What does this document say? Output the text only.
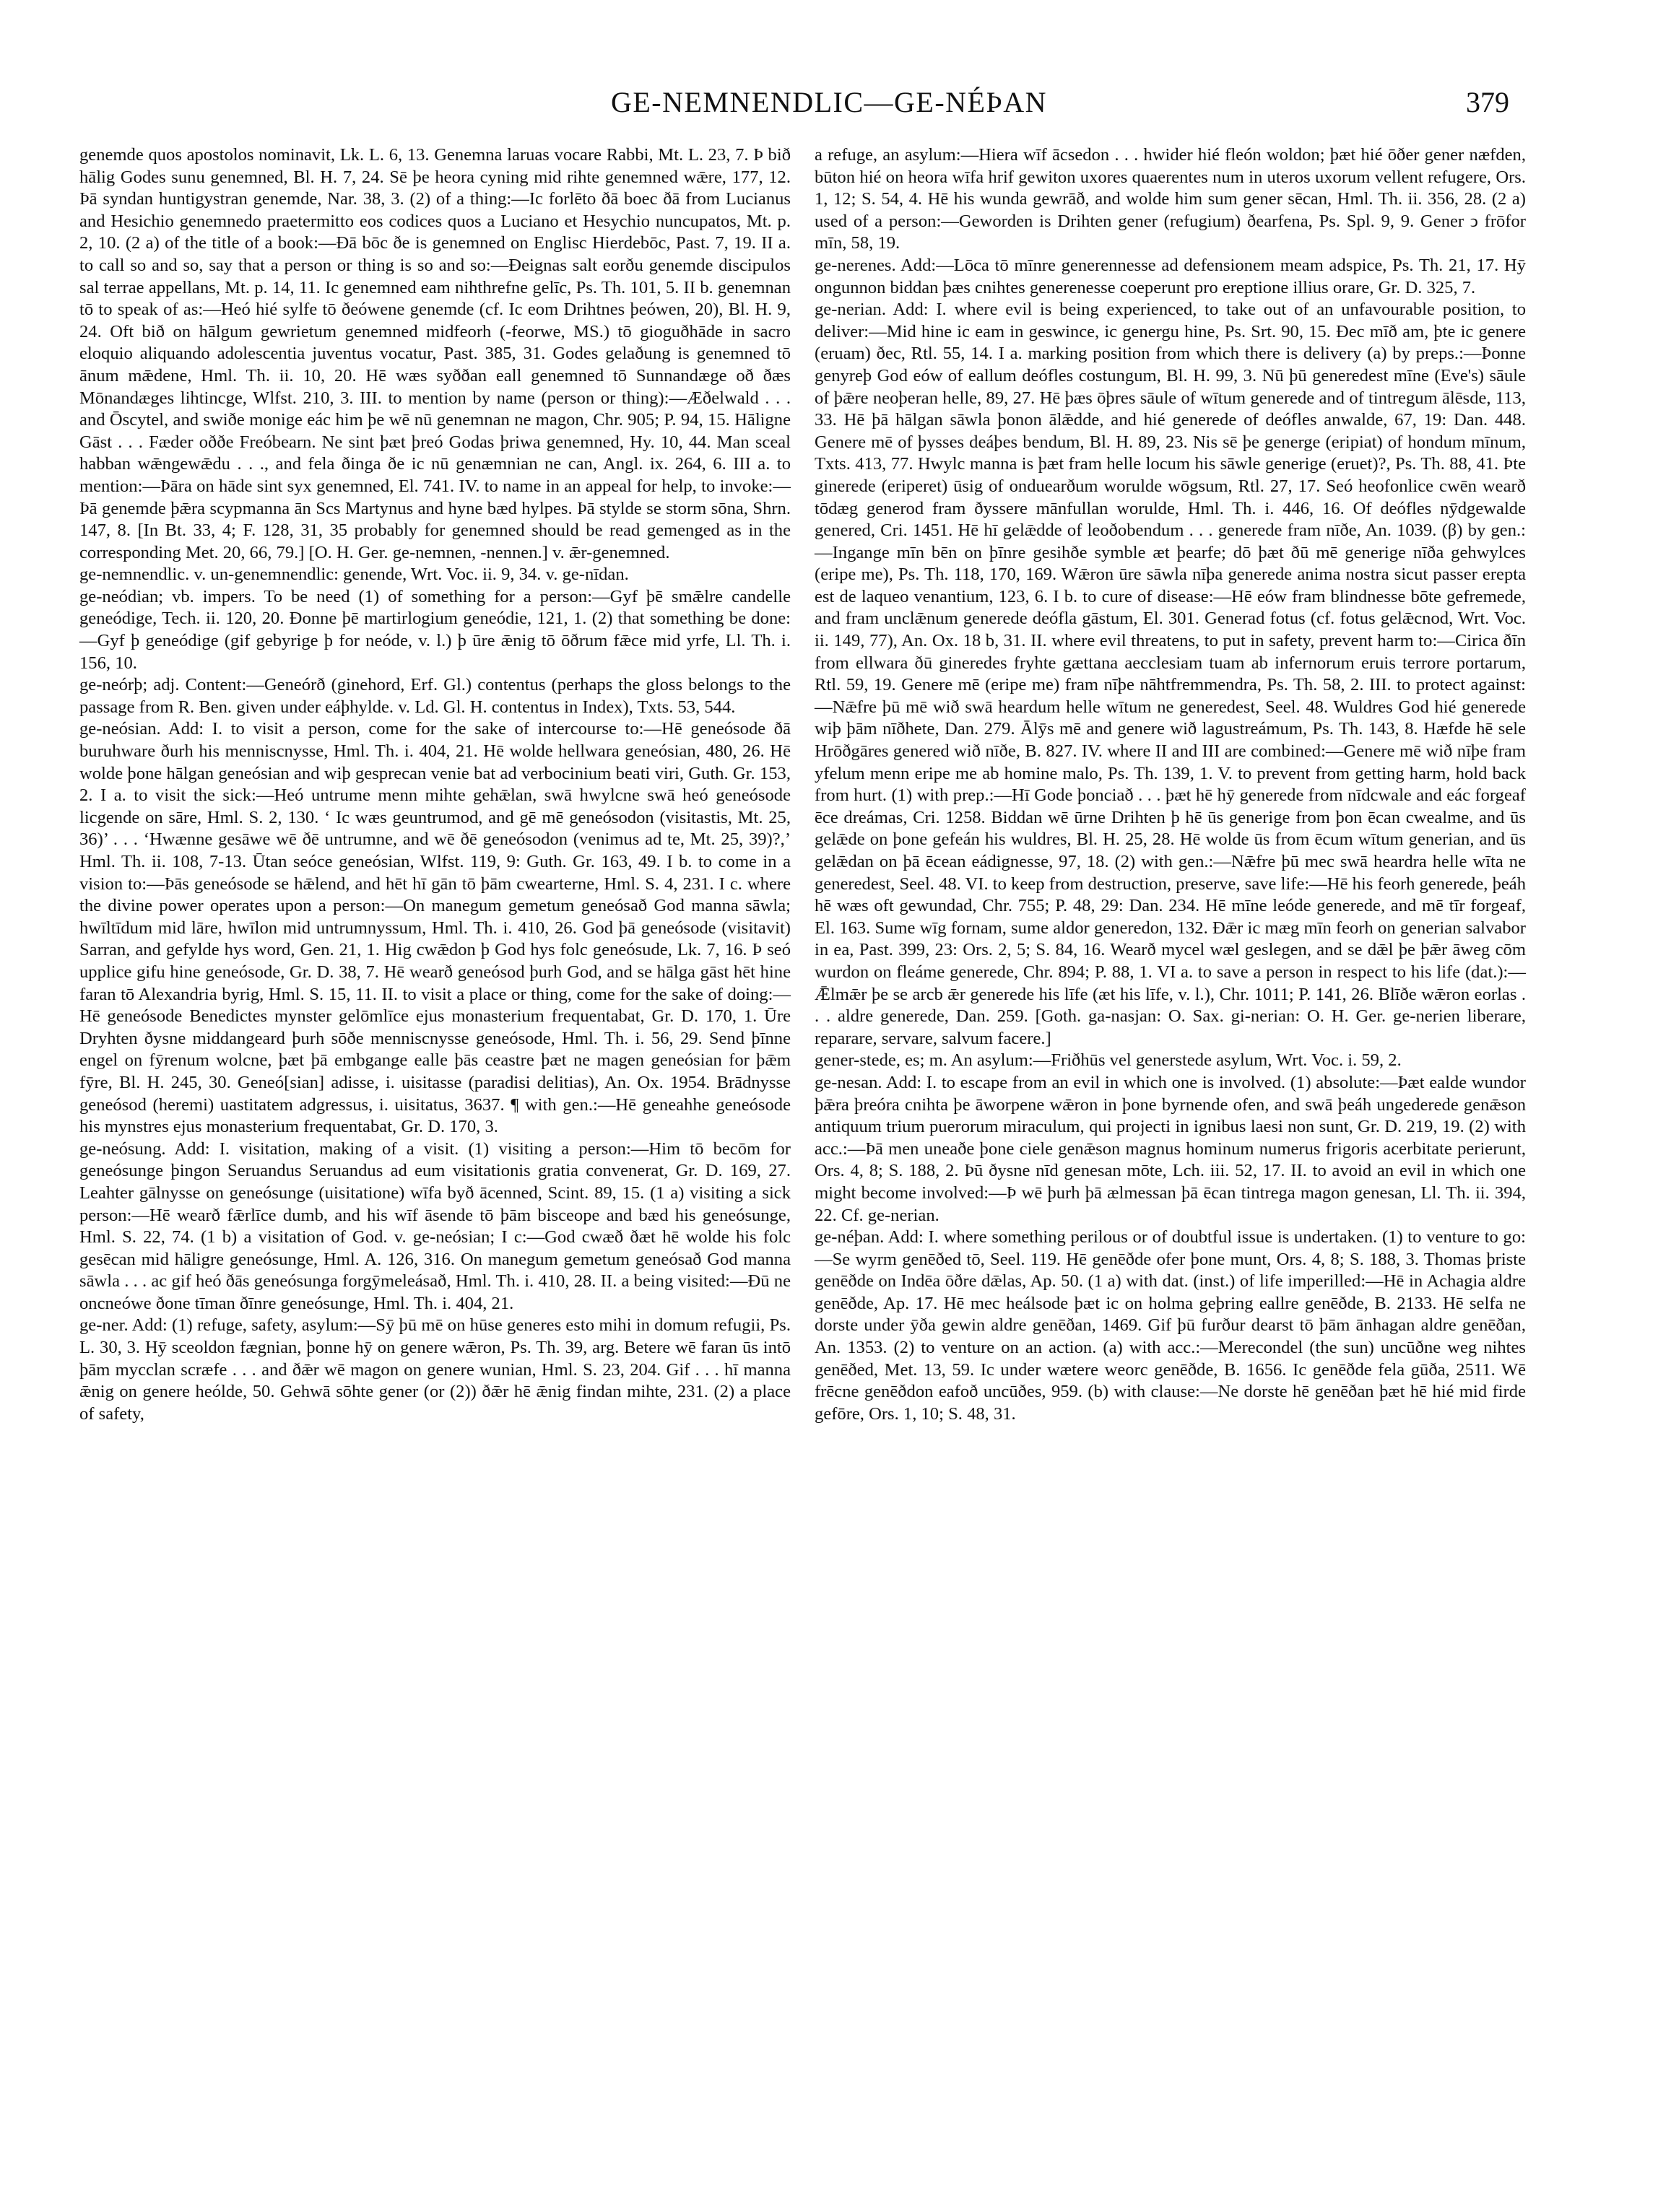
GE-NEMNENDLIC—GE-NÉÞAN	379

genemde quos apostolos nominavit, Lk. L. 6, 13. Genemna laruas vocare Rabbi, Mt. L. 23, 7. Þ bið hālig Godes sunu genemned, Bl. H. 7, 24. Sē þe heora cyning mid rihte genemned wǣre, 177, 12. Þā syndan huntigystran genemde, Nar. 38, 3. (2) of a thing:—Ic forlēto ðā boec ðā from Lucianus and Hesichio genemnedo praetermitto eos codices quos a Luciano et Hesychio nuncupatos, Mt. p. 2, 10. (2 a) of the title of a book:—Ðā bōc ðe is genemned on Englisc Hierdebōc, Past. 7, 19. II a. to call so and so, say that a person or thing is so and so:—Ðeignas salt eorðu genemde discipulos sal terrae appellans, Mt. p. 14, 11. Ic genemned eam nihthrefne gelīc, Ps. Th. 101, 5. II b. genemnan tō to speak of as:—Heó hié sylfe tō ðeówene genemde (cf. Ic eom Drihtnes þeówen, 20), Bl. H. 9, 24. Oft bið on hālgum gewrietum genemned midfeorh (-feorwe, MS.) tō gioguðhāde in sacro eloquio aliquando adolescentia juventus vocatur, Past. 385, 31. Godes gelaðung is genemned tō ānum mǣdene, Hml. Th. ii. 10, 20. Hē wæs syððan eall genemned tō Sunnandæge oð ðæs Mōnandæges lihtincge, Wlfst. 210, 3. III. to mention by name (person or thing):—Æðelwald . . . and Ōscytel, and swiðe monige eác him þe wē nū genemnan ne magon, Chr. 905; P. 94, 15. Hāligne Gāst . . . Fæder oððe Freóbearn. Ne sint þæt þreó Godas þriwa genemned, Hy. 10, 44. Man sceal habban wǣngewǣdu . . ., and fela ðinga ðe ic nū genæmnian ne can, Angl. ix. 264, 6. III a. to mention:—Þāra on hāde sint syx genemned, El. 741. IV. to name in an appeal for help, to invoke:—Þā genemde þǣra scypmanna ān Scs Martynus and hyne bæd hylpes. Þā stylde se storm sōna, Shrn. 147, 8. [In Bt. 33, 4; F. 128, 31, 35 probably for genemned should be read gemenged as in the corresponding Met. 20, 66, 79.] [O. H. Ger. ge-nemnen, -nennen.] v. ǣr-genemned.

ge-nemnendlic. v. un-genemnendlic: genende, Wrt. Voc. ii. 9, 34. v. ge-nīdan.

ge-neódian; vb. impers. To be need (1) of something for a person:—Gyf þē smǣlre candelle geneódige, Tech. ii. 120, 20. Ðonne þē martirlogium geneódie, 121, 1. (2) that something be done:—Gyf þ geneódige (gif gebyrige þ for neóde, v. l.) þ ūre ǣnig tō ōðrum fǣce mid yrfe, Ll. Th. i. 156, 10.

ge-neórþ; adj. Content:—Geneórð (ginehord, Erf. Gl.) contentus (perhaps the gloss belongs to the passage from R. Ben. given under eáþhylde. v. Ld. Gl. H. contentus in Index), Txts. 53, 544.

ge-neósian. Add: I. to visit a person, come for the sake of intercourse to:—Hē geneósode ðā buruhware ðurh his menniscnysse, Hml. Th. i. 404, 21. Hē wolde hellwara geneósian, 480, 26. Hē wolde þone hālgan geneósian and wiþ gesprecan venie bat ad verbocinium beati viri, Guth. Gr. 153, 2. I a. to visit the sick:—Heó untrume menn mihte gehǣlan, swā hwylcne swā heó geneósode licgende on sāre, Hml. S. 2, 130. ‘ Ic wæs geuntrumod, and gē mē geneósodon (visitastis, Mt. 25, 36)’ . . . ‘Hwænne gesāwe wē ðē untrumne, and wē ðē geneósodon (venimus ad te, Mt. 25, 39)?,’ Hml. Th. ii. 108, 7-13. Ūtan seóce geneósian, Wlfst. 119, 9: Guth. Gr. 163, 49. I b. to come in a vision to:—Þās geneósode se hǣlend, and hēt hī gān tō þām cwearterne, Hml. S. 4, 231. I c. where the divine power operates upon a person:—On manegum gemetum geneósað God manna sāwla; hwīltīdum mid lāre, hwīlon mid untrumnyssum, Hml. Th. i. 410, 26. God þā geneósode (visitavit) Sarran, and gefylde hys word, Gen. 21, 1. Hig cwǣdon þ God hys folc geneósude, Lk. 7, 16. Þ seó upplice gifu hine geneósode, Gr. D. 38, 7. Hē wearð geneósod þurh God, and se hālga gāst hēt hine faran tō Alexandria byrig, Hml. S. 15, 11. II. to visit a place or thing, come for the sake of doing:—Hē geneósode Benedictes mynster gelōmlīce ejus monasterium frequentabat, Gr. D. 170, 1. Ūre Dryhten ðysne middangeard þurh sōðe menniscnysse geneósode, Hml. Th. i. 56, 29. Send þīnne engel on fȳrenum wolcne, þæt þā embgange ealle þās ceastre þæt ne magen geneósian for þǣm fȳre, Bl. H. 245, 30. Geneó[sian] adisse, i. uisitasse (paradisi delitias), An. Ox. 1954. Brādnysse geneósod (heremi) uastitatem adgressus, i. uisitatus, 3637. ¶ with gen.:—Hē geneahhe geneósode his mynstres ejus monasterium frequentabat, Gr. D. 170, 3.

ge-neósung. Add: I. visitation, making of a visit. (1) visiting a person:—Him tō becōm for geneósunge þingon Seruandus Seruandus ad eum visitationis gratia convenerat, Gr. D. 169, 27. Leahter gālnysse on geneósunge (uisitatione) wīfa byð ācenned, Scint. 89, 15. (1 a) visiting a sick person:—Hē wearð fǣrlīce dumb, and his wīf āsende tō þām bisceope and bæd his geneósunge, Hml. S. 22, 74. (1 b) a visitation of God. v. ge-neósian; I c:—God cwæð ðæt hē wolde his folc gesēcan mid hāligre geneósunge, Hml. A. 126, 316. On manegum gemetum geneósað God manna sāwla . . . ac gif heó ðās geneósunga forgȳmeleásað, Hml. Th. i. 410, 28. II. a being visited:—Ðū ne oncneówe ðone tīman ðīnre geneósunge, Hml. Th. i. 404, 21.

ge-ner. Add: (1) refuge, safety, asylum:—Sȳ þū mē on hūse generes esto mihi in domum refugii, Ps. L. 30, 3. Hȳ sceoldon fægnian, þonne hȳ on genere wǣron, Ps. Th. 39, arg. Betere wē faran ūs intō þām mycclan scræfe . . . and ðǣr wē magon on genere wunian, Hml. S. 23, 204. Gif . . . hī manna ǣnig on genere heólde, 50. Gehwā sōhte gener (or (2)) ðǣr hē ǣnig findan mihte, 231. (2) a place of safety,

a refuge, an asylum:—Hiera wīf ācsedon . . . hwider hié fleón woldon; þæt hié ōðer gener næfden, būton hié on heora wīfa hrif gewiton uxores quaerentes num in uteros uxorum vellent refugere, Ors. 1, 12; S. 54, 4. Hē his wunda gewrāð, and wolde him sum gener sēcan, Hml. Th. ii. 356, 28. (2 a) used of a person:—Geworden is Drihten gener (refugium) ðearfena, Ps. Spl. 9, 9. Gener ↄ frōfor mīn, 58, 19.

ge-nerenes. Add:—Lōca tō mīnre generennesse ad defensionem meam adspice, Ps. Th. 21, 17. Hȳ ongunnon biddan þæs cnihtes generenesse coeperunt pro ereptione illius orare, Gr. D. 325, 7.

ge-nerian. Add: I. where evil is being experienced, to take out of an unfavourable position, to deliver:—Mid hine ic eam in geswince, ic genergu hine, Ps. Srt. 90, 15. Ðec mīð am, þte ic genere (eruam) ðec, Rtl. 55, 14. I a. marking position from which there is delivery (a) by preps.:—Þonne genyreþ God eów of eallum deófles costungum, Bl. H. 99, 3. Nū þū generedest mīne (Eve's) sāule of þǣre neoþeran helle, 89, 27. Hē þæs ōþres sāule of wītum generede and of tintregum ālēsde, 113, 33. Hē þā hālgan sāwla þonon ālǣdde, and hié generede of deófles anwalde, 67, 19: Dan. 448. Genere mē of þysses deáþes bendum, Bl. H. 89, 23. Nis sē þe generge (eripiat) of hondum mīnum, Txts. 413, 77. Hwylc manna is þæt fram helle locum his sāwle generige (eruet)?, Ps. Th. 88, 41. Þte ginerede (eriperet) ūsig of onduearðum worulde wōgsum, Rtl. 27, 17. Seó heofonlice cwēn wearð tōdæg generod fram ðyssere mānfullan worulde, Hml. Th. i. 446, 16. Of deófles nȳdgewalde genered, Cri. 1451. Hē hī gelǣdde of leoðobendum . . . generede fram nīðe, An. 1039. (β) by gen.:—Ingange mīn bēn on þīnre gesihðe symble æt þearfe; dō þæt ðū mē generige nīða gehwylces (eripe me), Ps. Th. 118, 170, 169. Wǣron ūre sāwla nīþa generede anima nostra sicut passer erepta est de laqueo venantium, 123, 6. I b. to cure of disease:—Hē eów fram blindnesse bōte gefremede, and fram unclǣnum generede deófla gāstum, El. 301. Generad fotus (cf. fotus gelǣcnod, Wrt. Voc. ii. 149, 77), An. Ox. 18 b, 31. II. where evil threatens, to put in safety, prevent harm to:—Cirica ðīn from ellwara ðū gineredes fryhte gættana aecclesiam tuam ab infernorum eruis terrore portarum, Rtl. 59, 19. Genere mē (eripe me) fram nīþe nāhtfremmendra, Ps. Th. 58, 2. III. to protect against:—Nǣfre þū mē wið swā heardum helle wītum ne generedest, Seel. 48. Wuldres God hié generede wiþ þām nīðhete, Dan. 279. Ālȳs mē and genere wið lagustreámum, Ps. Th. 143, 8. Hæfde hē sele Hrōðgāres genered wið nīðe, B. 827. IV. where II and III are combined:—Genere mē wið nīþe fram yfelum menn eripe me ab homine malo, Ps. Th. 139, 1. V. to prevent from getting harm, hold back from hurt. (1) with prep.:—Hī Gode þonciað . . . þæt hē hȳ generede from nīdcwale and eác forgeaf ēce dreámas, Cri. 1258. Biddan wē ūrne Drihten þ hē ūs generige from þon ēcan cwealme, and ūs gelǣde on þone gefeán his wuldres, Bl. H. 25, 28. Hē wolde ūs from ēcum wītum generian, and ūs gelǣdan on þā ēcean eádignesse, 97, 18. (2) with gen.:—Nǣfre þū mec swā heardra helle wīta ne generedest, Seel. 48. VI. to keep from destruction, preserve, save life:—Hē his feorh generede, þeáh hē wæs oft gewundad, Chr. 755; P. 48, 29: Dan. 234. Hē mīne leóde generede, and mē tīr forgeaf, El. 163. Sume wīg fornam, sume aldor generedon, 132. Ðǣr ic mæg mīn feorh on generian salvabor in ea, Past. 399, 23: Ors. 2, 5; S. 84, 16. Wearð mycel wæl geslegen, and se dǣl þe þǣr āweg cōm wurdon on fleáme generede, Chr. 894; P. 88, 1. VI a. to save a person in respect to his life (dat.):—Ǣlmǣr þe se arcb ǣr generede his līfe (æt his līfe, v. l.), Chr. 1011; P. 141, 26. Blīðe wǣron eorlas . . . aldre generede, Dan. 259. [Goth. ga-nasjan: O. Sax. gi-nerian: O. H. Ger. ge-nerien liberare, reparare, servare, salvum facere.]

gener-stede, es; m. An asylum:—Friðhūs vel generstede asylum, Wrt. Voc. i. 59, 2.

ge-nesan. Add: I. to escape from an evil in which one is involved. (1) absolute:—Þæt ealde wundor þǣra þreóra cnihta þe āworpene wǣron in þone byrnende ofen, and swā þeáh ungederede genǣson antiquum trium puerorum miraculum, qui projecti in ignibus laesi non sunt, Gr. D. 219, 19. (2) with acc.:—Þā men uneaðe þone ciele genǣson magnus hominum numerus frigoris acerbitate perierunt, Ors. 4, 8; S. 188, 2. Þū ðysne nīd genesan mōte, Lch. iii. 52, 17. II. to avoid an evil in which one might become involved:—Þ wē þurh þā ælmessan þā ēcan tintrega magon genesan, Ll. Th. ii. 394, 22. Cf. ge-nerian.

ge-néþan. Add: I. where something perilous or of doubtful issue is undertaken. (1) to venture to go:—Se wyrm genēðed tō, Seel. 119. Hē genēðde ofer þone munt, Ors. 4, 8; S. 188, 3. Thomas þriste genēðde on Indēa ōðre dǣlas, Ap. 50. (1 a) with dat. (inst.) of life imperilled:—Hē in Achagia aldre genēðde, Ap. 17. Hē mec heálsode þæt ic on holma geþring eallre genēðde, B. 2133. Hē selfa ne dorste under ȳða gewin aldre genēðan, 1469. Gif þū furður dearst tō þām ānhagan aldre genēðan, An. 1353. (2) to venture on an action. (a) with acc.:—Merecondel (the sun) uncūðne weg nihtes genēðed, Met. 13, 59. Ic under wætere weorc genēðde, B. 1656. Ic genēðde fela gūða, 2511. Wē frēcne genēðdon eafoð uncūðes, 959. (b) with clause:—Ne dorste hē genēðan þæt hē hié mid firde gefōre, Ors. 1, 10; S. 48, 31.
